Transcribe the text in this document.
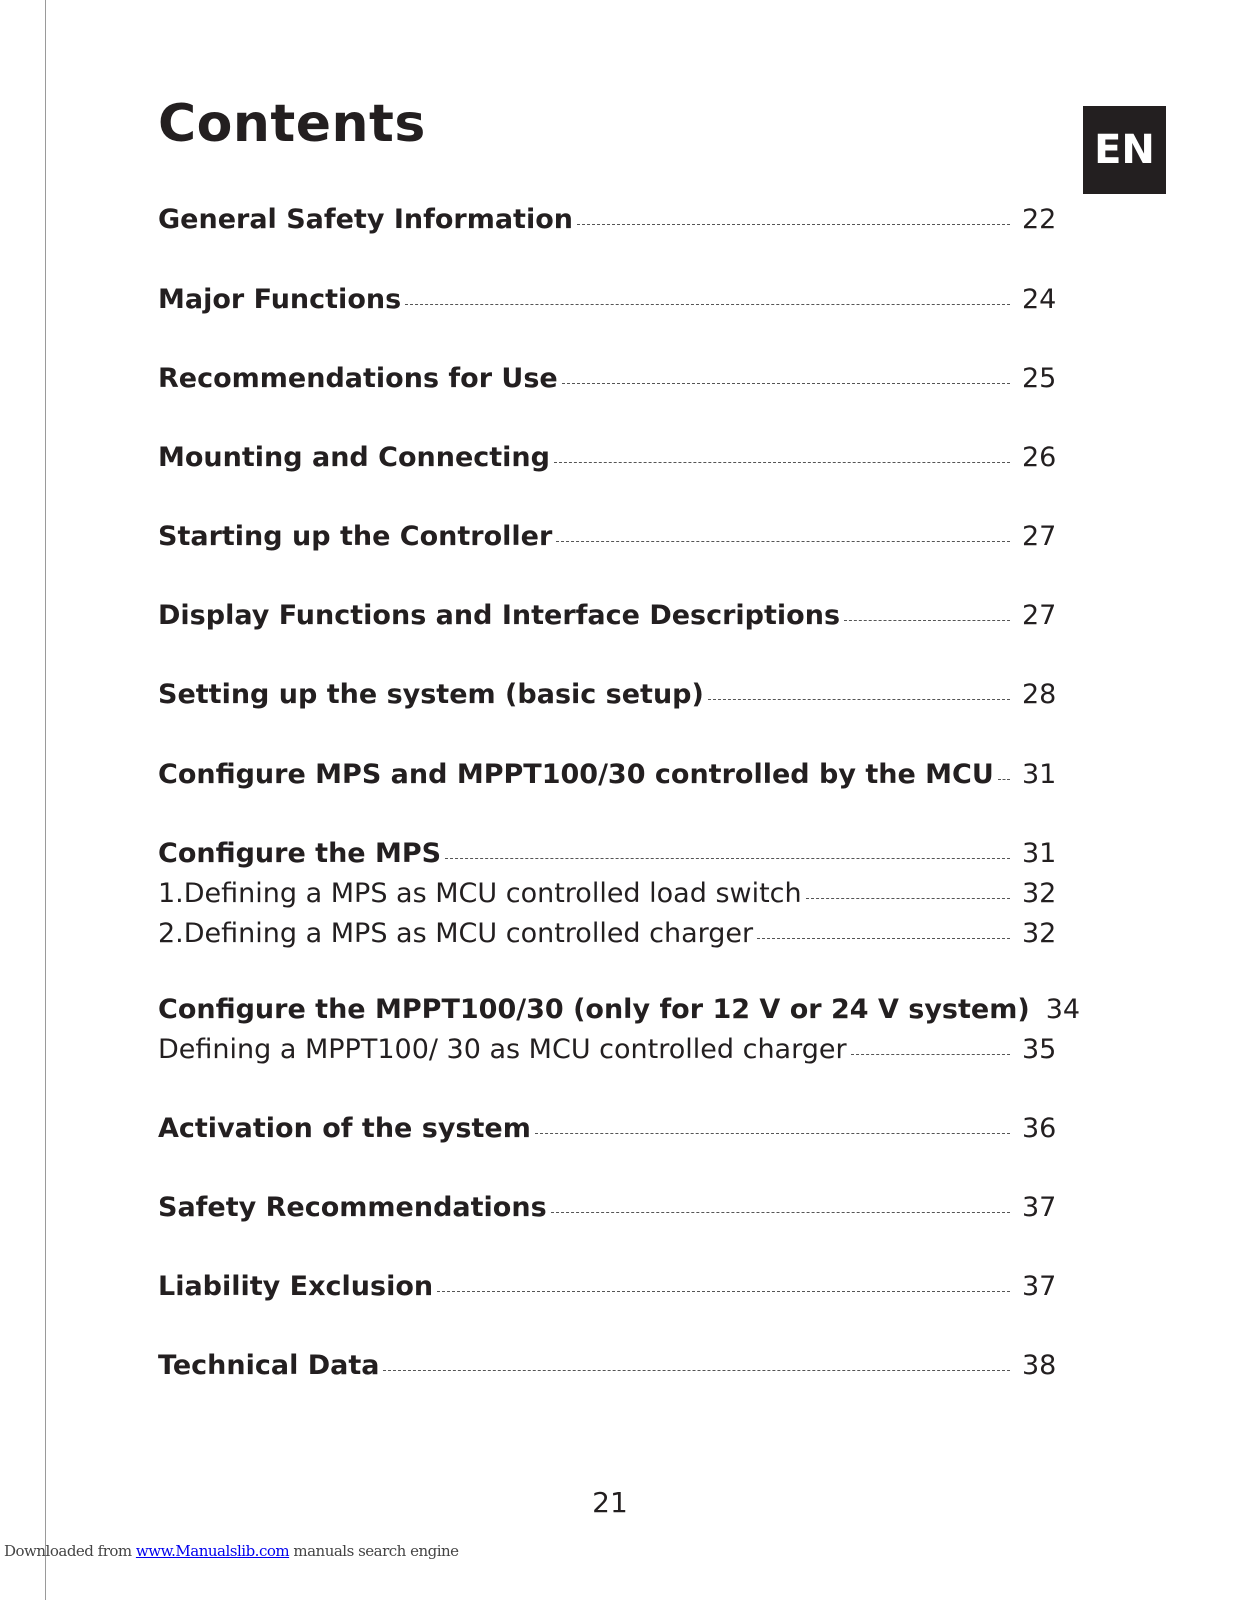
Contents	EN
General Safety Information	22
Major Functions	24
Recommendations for Use	25
Mounting and Connecting	26
Starting up the Controller	27
Display Functions and Interface Descriptions	27
Setting up the system (basic setup)	28
Configure MPS and MPPT100/30 controlled by the MCU 31
Configure the MPS	31
1.Defining a MPS as MCU controlled load switch	32
2.Defining a MPS as MCU controlled charger	32
Configure the MPPT100/30 (only for 12 V or 24 V system) 34
Defining a MPPT100/ 30 as MCU controlled charger	35
Activation of the system	36
Safety Recommendations	37
Liability Exclusion	37
Technical Data	38
21
Downloaded from www.Manualslib.com manuals search engine
